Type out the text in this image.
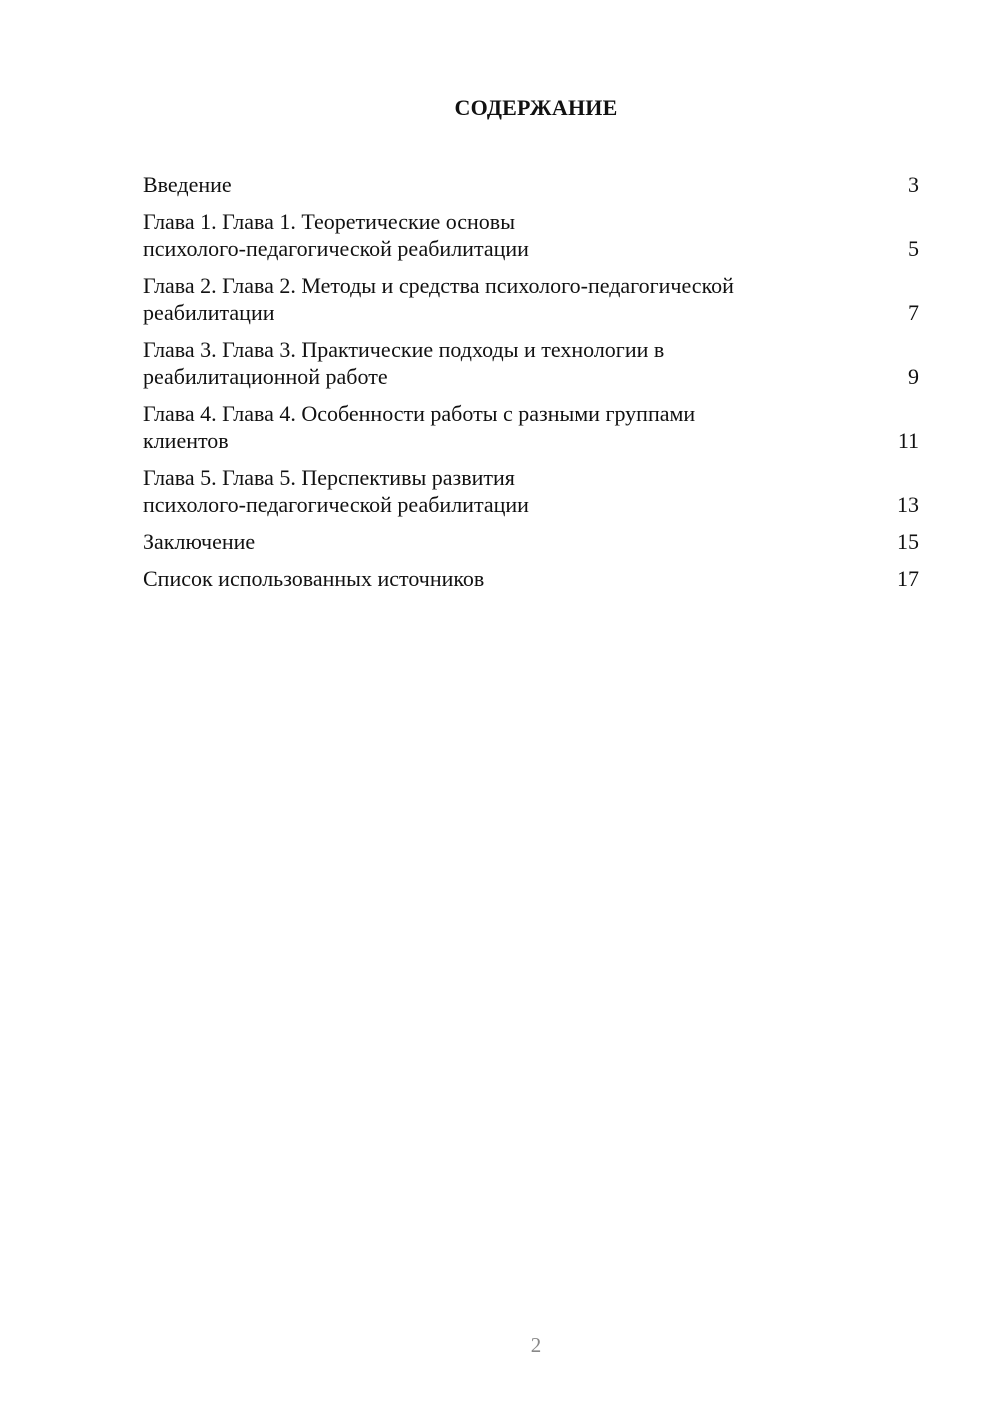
СОДЕРЖАНИЕ
Введение	3
Глава 1. Глава 1. Теоретические основы
психолого-педагогической реабилитации	5
Глава 2. Глава 2. Методы и средства психолого-педагогической
реабилитации	7
Глава 3. Глава 3. Практические подходы и технологии в
реабилитационной работе	9
Глава 4. Глава 4. Особенности работы с разными группами
клиентов	11
Глава 5. Глава 5. Перспективы развития
психолого-педагогической реабилитации	13
Заключение	15
Список использованных источников	17
2
